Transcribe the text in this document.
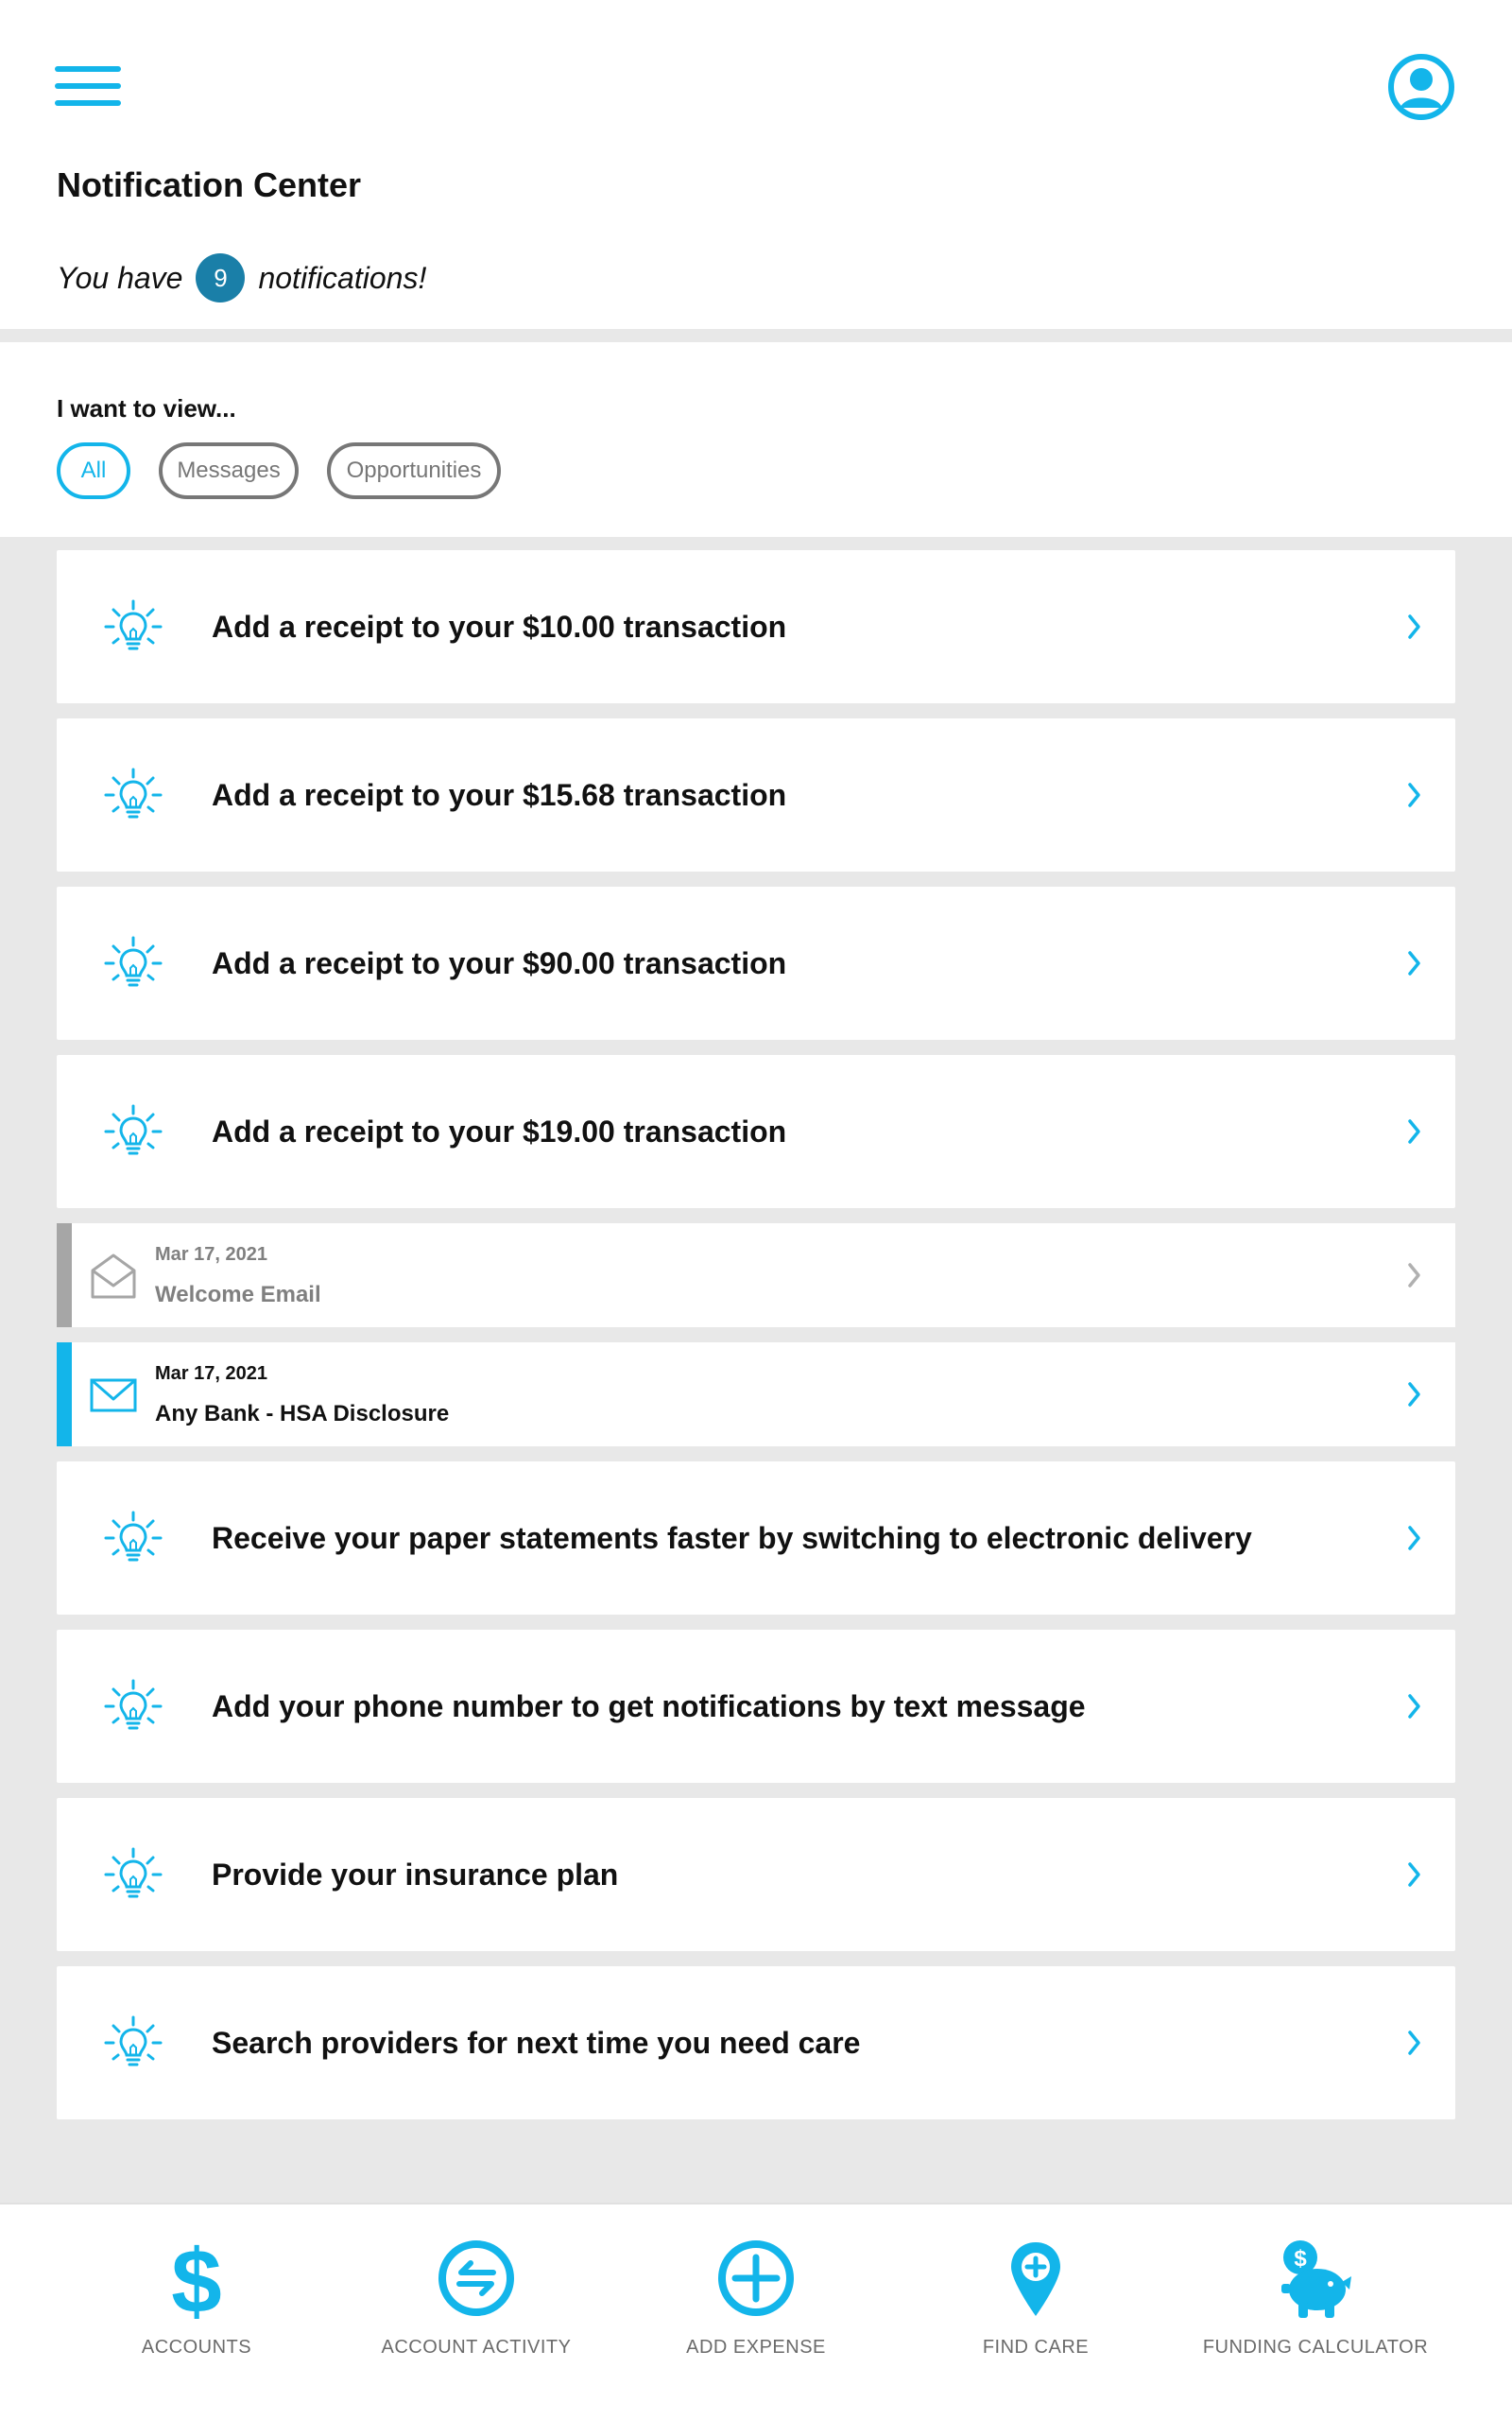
Notification Center
You have	9	notifications!
I want to view...
All	Messages	Opportunities
Add a receipt to your $10.00 transaction
Add a receipt to your $15.68 transaction
Add a receipt to your $90.00 transaction
Add a receipt to your $19.00 transaction
Mar 17, 2021
Welcome Email
Mar 17, 2021
Any Bank - HSA Disclosure
Receive your paper statements faster by switching to electronic delivery
Add your phone number to get notifications by text message
Provide your insurance plan
Search providers for next time you need care
$
ACCOUNTS	ACCOUNT ACTIVITY	ADD EXPENSE	FIND CARE
$
FUNDING CALCULATOR
